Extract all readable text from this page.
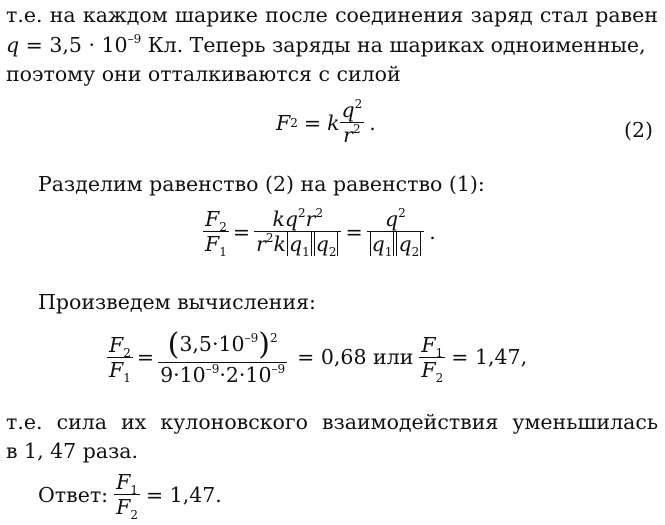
т.е. на каждом шарике после соединения заряд стал равен
$q = 3,5 \cdot 10^{-9}$ Кл. Теперь заряды на шариках одноименные,
поэтому они отталкиваются с силой
F 2 = k $\frac{q^2}{r^2}$ .	(2)
Разделим равенство (2) на равенство (1):
$\frac{F_2}{F_1} = \frac{kq^2r^2}{r^2k q_1 q_2} = \frac{q^2}{q_1 q_2}$ .
Произведем вычисления:
$\frac{F_2}{F_1} = \frac{(3,5\cdot 10^{-9})^2}{9\cdot 10^{-9}\cdot 2\cdot 10^{-9}} = 0,68$ или $\frac{F_1}{F_2} = 1,47$,
т.е. сила их кулоновского взаимодействия уменьшилась
в 1, 47 раза.
Ответ: $\frac{F_1}{F_2} = 1,47$.
